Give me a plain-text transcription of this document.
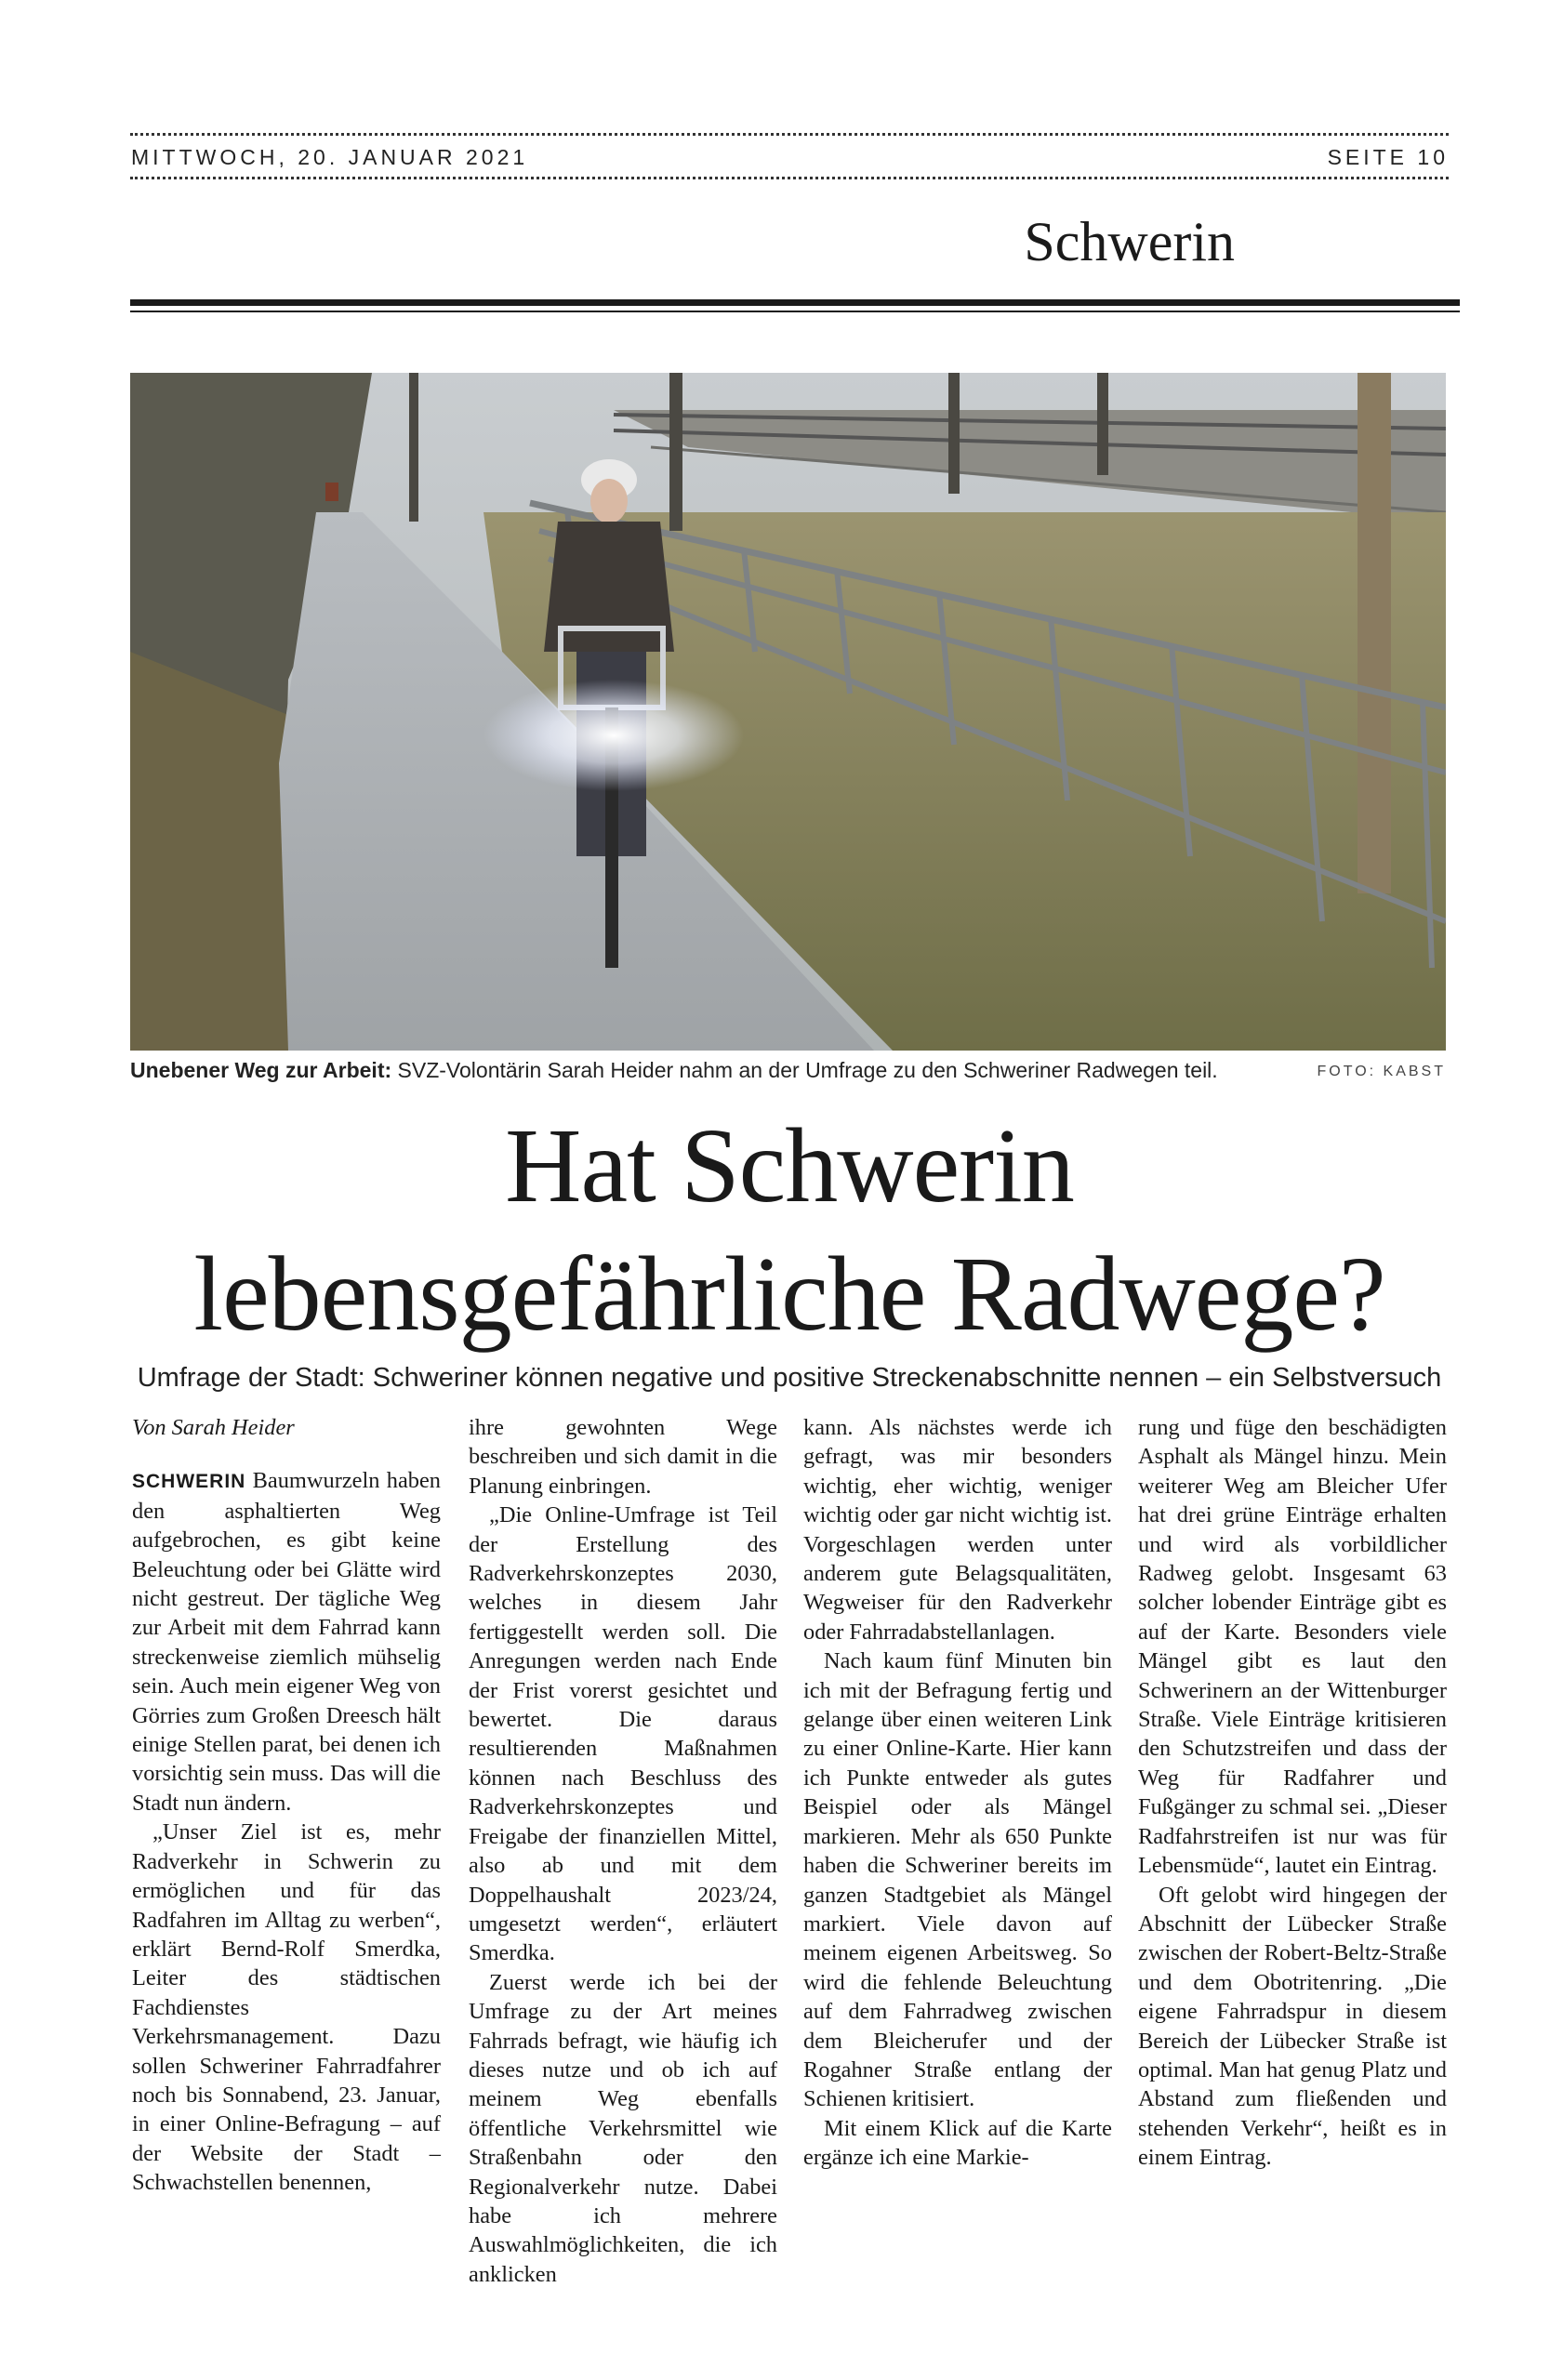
MITTWOCH, 20. JANUAR 2021	SEITE 10
Schwerin
Unebener Weg zur Arbeit: SVZ-Volontärin Sarah Heider nahm an der Umfrage zu den Schweriner Radwegen teil.	FOTO: KABST
Hat Schwerin
lebensgefährliche Radwege?
Umfrage der Stadt: Schweriner können negative und positive Streckenabschnitte nennen – ein Selbstversuch

Von Sarah Heider

SCHWERIN Baumwurzeln haben den asphaltierten Weg aufgebrochen, es gibt keine Beleuchtung oder bei Glätte wird nicht gestreut. Der tägliche Weg zur Arbeit mit dem Fahrrad kann streckenweise ziemlich mühselig sein. Auch mein eigener Weg von Görries zum Großen Dreesch hält einige Stellen parat, bei denen ich vorsichtig sein muss. Das will die Stadt nun ändern.

„Unser Ziel ist es, mehr Radverkehr in Schwerin zu ermöglichen und für das Radfahren im Alltag zu werben“, erklärt Bernd-Rolf Smerdka, Leiter des städtischen Fachdienstes Verkehrsmanagement. Dazu sollen Schweriner Fahrradfahrer noch bis Sonnabend, 23. Januar, in einer Online-Befragung – auf der Website der Stadt – Schwachstellen benennen,

ihre gewohnten Wege beschreiben und sich damit in die Planung einbringen.

„Die Online-Umfrage ist Teil der Erstellung des Radverkehrskonzeptes 2030, welches in diesem Jahr fertiggestellt werden soll. Die Anregungen werden nach Ende der Frist vorerst gesichtet und bewertet. Die daraus resultierenden Maßnahmen können nach Beschluss des Radverkehrskonzeptes und Freigabe der finanziellen Mittel, also ab und mit dem Doppelhaushalt 2023/24, umgesetzt werden“, erläutert Smerdka.

Zuerst werde ich bei der Umfrage zu der Art meines Fahrrads befragt, wie häufig ich dieses nutze und ob ich auf meinem Weg ebenfalls öffentliche Verkehrsmittel wie Straßenbahn oder den Regionalverkehr nutze. Dabei habe ich mehrere Auswahlmöglichkeiten, die ich anklicken

kann. Als nächstes werde ich gefragt, was mir besonders wichtig, eher wichtig, weniger wichtig oder gar nicht wichtig ist. Vorgeschlagen werden unter anderem gute Belagsqualitäten, Wegweiser für den Radverkehr oder Fahrradabstellanlagen.

Nach kaum fünf Minuten bin ich mit der Befragung fertig und gelange über einen weiteren Link zu einer Online-Karte. Hier kann ich Punkte entweder als gutes Beispiel oder als Mängel markieren. Mehr als 650 Punkte haben die Schweriner bereits im ganzen Stadtgebiet als Mängel markiert. Viele davon auf meinem eigenen Arbeitsweg. So wird die fehlende Beleuchtung auf dem Fahrradweg zwischen dem Bleicherufer und der Rogahner Straße entlang der Schienen kritisiert.

Mit einem Klick auf die Karte ergänze ich eine Markie-

rung und füge den beschädigten Asphalt als Mängel hinzu. Mein weiterer Weg am Bleicher Ufer hat drei grüne Einträge erhalten und wird als vorbildlicher Radweg gelobt. Insgesamt 63 solcher lobender Einträge gibt es auf der Karte. Besonders viele Mängel gibt es laut den Schwerinern an der Wittenburger Straße. Viele Einträge kritisieren den Schutzstreifen und dass der Weg für Radfahrer und Fußgänger zu schmal sei. „Dieser Radfahrstreifen ist nur was für Lebensmüde“, lautet ein Eintrag.

Oft gelobt wird hingegen der Abschnitt der Lübecker Straße zwischen der Robert-Beltz-Straße und dem Obotritenring. „Die eigene Fahrradspur in diesem Bereich der Lübecker Straße ist optimal. Man hat genug Platz und Abstand zum fließenden und stehenden Verkehr“, heißt es in einem Eintrag.
